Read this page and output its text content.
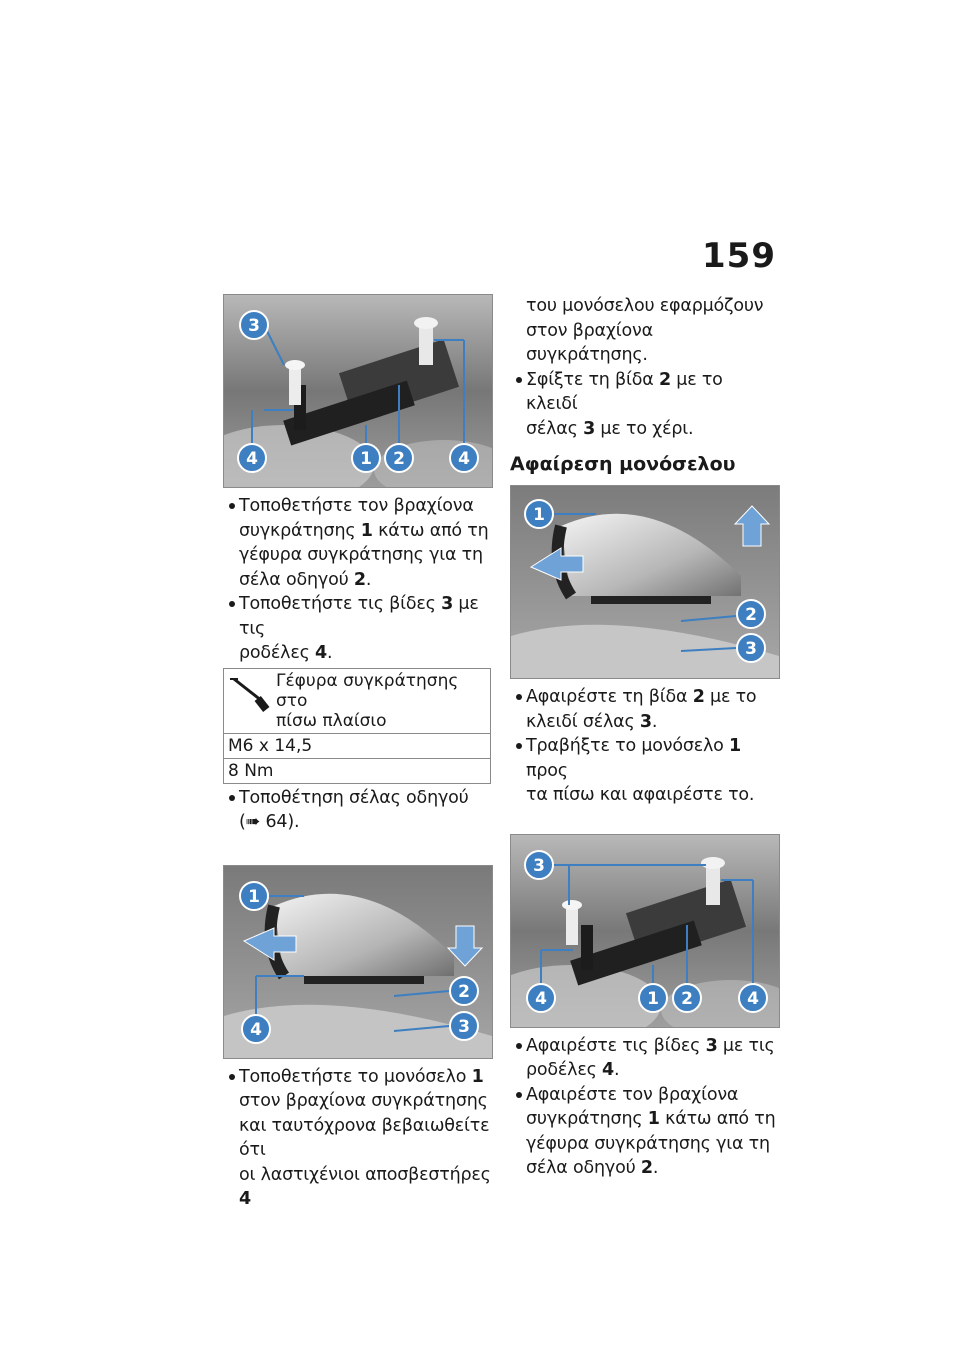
159
3
4	1 2	4
Τοποθετήστε τον βραχίονα
συγκράτησης 1 κάτω από τη
γέφυρα συγκράτησης για τη
σέλα οδηγού 2.
Τοποθετήστε τις βίδες 3 με τις
ροδέλες 4.
Γέφυρα συγκράτησης στο
πίσω πλαίσιο
M6 x 14,5
8 Nm
Τοποθέτηση σέλας οδηγού
(➠ 64).
1
2
3
4
Τοποθετήστε το μονόσελο 1
στον βραχίονα συγκράτησης
και ταυτόχρονα βεβαιωθείτε ότι
οι λαστιχένιοι αποσβεστήρες 4
του μονόσελου εφαρμόζουν
στον βραχίονα συγκράτησης.
Σφίξτε τη βίδα 2 με το κλειδί
σέλας 3 με το χέρι.
Αφαίρεση μονόσελου
1
2
3
Αφαιρέστε τη βίδα 2 με το
κλειδί σέλας 3.
Τραβήξτε το μονόσελο 1 προς
τα πίσω και αφαιρέστε το.
3
4	1 2	4
Αφαιρέστε τις βίδες 3 με τις
ροδέλες 4.
Αφαιρέστε τον βραχίονα
συγκράτησης 1 κάτω από τη
γέφυρα συγκράτησης για τη
σέλα οδηγού 2.
